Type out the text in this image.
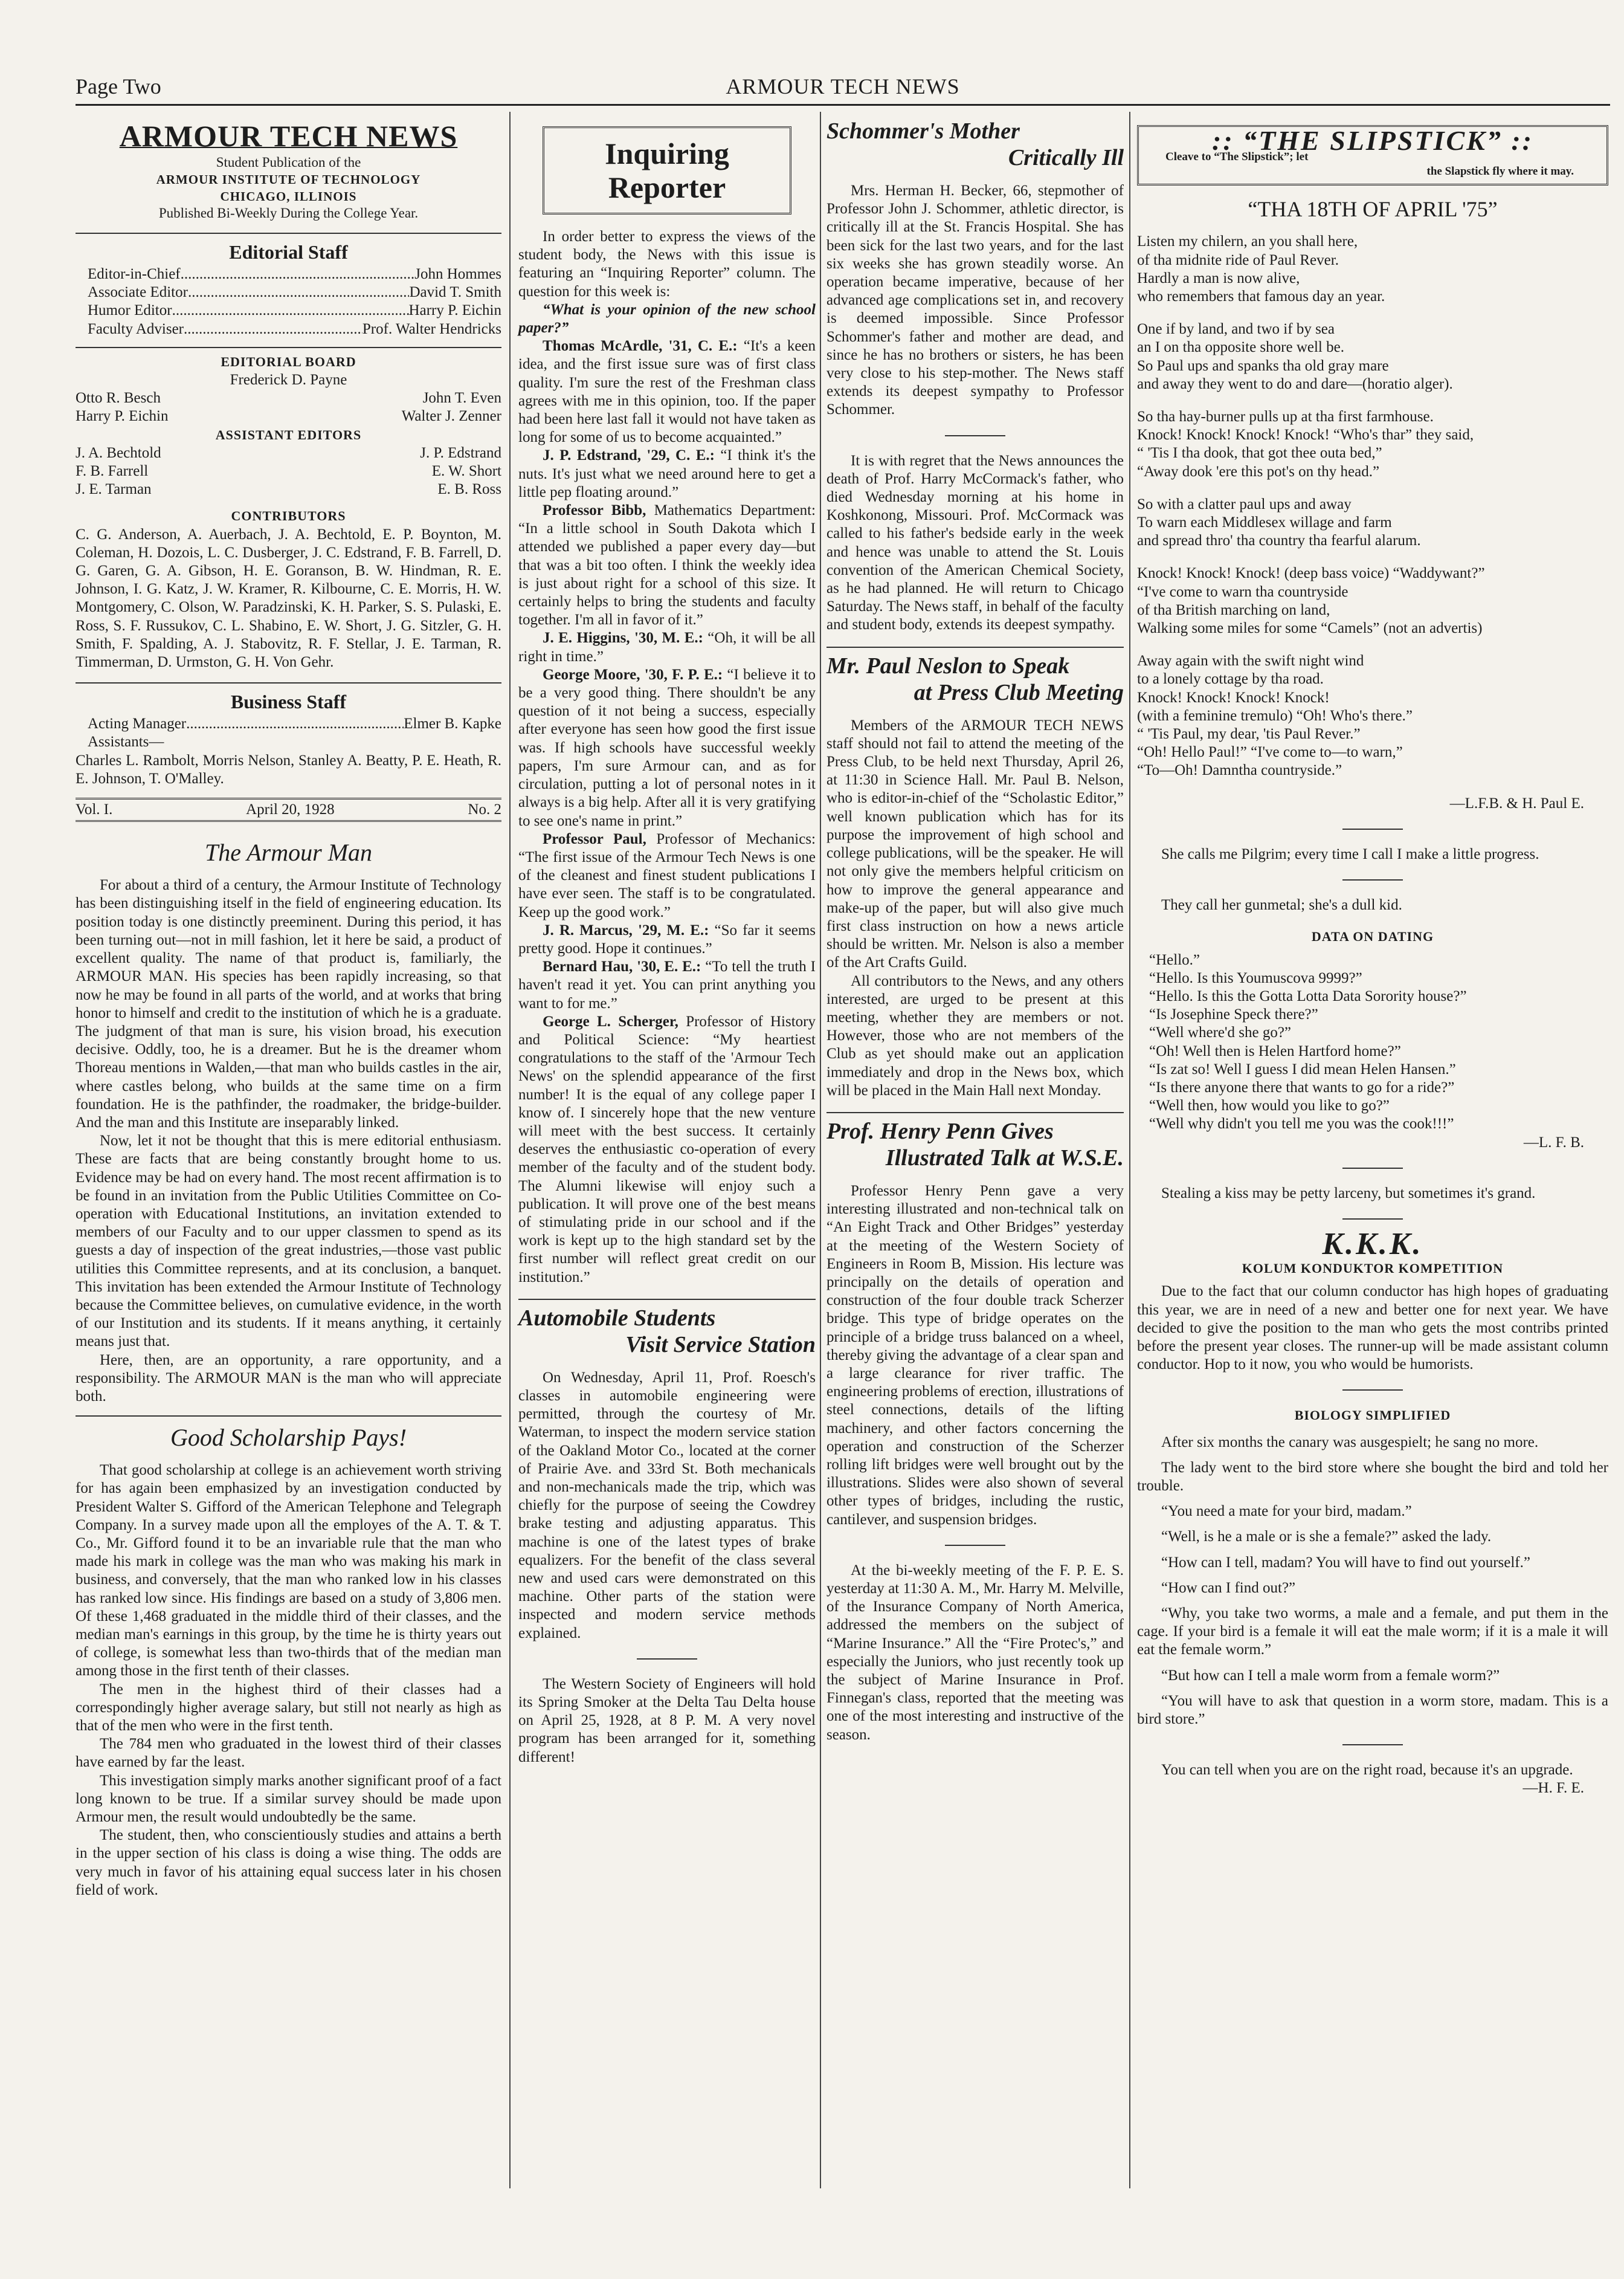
Page Two	ARMOUR TECH NEWS
ARMOUR TECH NEWS
Student Publication of the
ARMOUR INSTITUTE OF TECHNOLOGY
CHICAGO, ILLINOIS
Published Bi-Weekly During the College Year.
Editorial Staff
Editor-in-Chief .....	John Hommes
Associate Editor .....	David T. Smith
Humor Editor .....	Harry P. Eichin
Faculty Adviser .....	Prof. Walter Hendricks
EDITORIAL BOARD
Frederick D. Payne
Otto R. Besch	John T. Even
Harry P. Eichin	Walter J. Zenner
ASSISTANT EDITORS
J. A. Bechtold	J. P. Edstrand
F. B. Farrell	E. W. Short
J. E. Tarman	E. B. Ross
CONTRIBUTORS

C. G. Anderson, A. Auerbach, J. A. Bechtold, E. P. Boynton, M. Coleman, H. Dozois, L. C. Dusberger, J. C. Edstrand, F. B. Farrell, D. G. Garen, G. A. Gibson, H. E. Goranson, B. W. Hindman, R. E. Johnson, I. G. Katz, J. W. Kramer, R. Kilbourne, C. E. Morris, H. W. Montgomery, C. Olson, W. Paradzinski, K. H. Parker, S. S. Pulaski, E. Ross, S. F. Russukov, C. L. Shabino, E. W. Short, J. G. Sitzler, G. H. Smith, F. Spalding, A. J. Stabovitz, R. F. Stellar, J. E. Tarman, R. Timmerman, D. Urmston, G. H. Von Gehr.

Business Staff
Acting Manager .....	Elmer B. Kapke
Assistants—

Charles L. Rambolt, Morris Nelson, Stanley A. Beatty, P. E. Heath, R. E. Johnson, T. O'Malley.

Vol. I.	April 20, 1928	No. 2
The Armour Man

For about a third of a century, the Armour Institute of Technology has been distinguishing itself in the field of engineering education. Its position today is one distinctly preeminent. During this period, it has been turning out—not in mill fashion, let it here be said, a product of excellent quality. The name of that product is, familiarly, the ARMOUR MAN. His species has been rapidly increasing, so that now he may be found in all parts of the world, and at works that bring honor to himself and credit to the institution of which he is a graduate. The judgment of that man is sure, his vision broad, his execution decisive. Oddly, too, he is a dreamer. But he is the dreamer whom Thoreau mentions in Walden,—that man who builds castles in the air, where castles belong, who builds at the same time on a firm foundation. He is the pathfinder, the roadmaker, the bridge-builder. And the man and this Institute are inseparably linked.

Now, let it not be thought that this is mere editorial enthusiasm. These are facts that are being constantly brought home to us. Evidence may be had on every hand. The most recent affirmation is to be found in an invitation from the Public Utilities Committee on Co-operation with Educational Institutions, an invitation extended to members of our Faculty and to our upper classmen to spend as its guests a day of inspection of the great industries,—those vast public utilities this Committee represents, and at its conclusion, a banquet. This invitation has been extended the Armour Institute of Technology because the Committee believes, on cumulative evidence, in the worth of our Institution and its students. If it means anything, it certainly means just that.

Here, then, are an opportunity, a rare opportunity, and a responsibility. The ARMOUR MAN is the man who will appreciate both.

Good Scholarship Pays!

That good scholarship at college is an achievement worth striving for has again been emphasized by an investigation conducted by President Walter S. Gifford of the American Telephone and Telegraph Company. In a survey made upon all the employes of the A. T. & T. Co., Mr. Gifford found it to be an invariable rule that the man who made his mark in college was the man who was making his mark in business, and conversely, that the man who ranked low in his classes has ranked low since. His findings are based on a study of 3,806 men. Of these 1,468 graduated in the middle third of their classes, and the median man's earnings in this group, by the time he is thirty years out of college, is somewhat less than two-thirds that of the median man among those in the first tenth of their classes.

The men in the highest third of their classes had a correspondingly higher average salary, but still not nearly as high as that of the men who were in the first tenth.

The 784 men who graduated in the lowest third of their classes have earned by far the least.

This investigation simply marks another significant proof of a fact long known to be true. If a similar survey should be made upon Armour men, the result would undoubtedly be the same.

The student, then, who conscientiously studies and attains a berth in the upper section of his class is doing a wise thing. The odds are very much in favor of his attaining equal success later in his chosen field of work.

Inquiring
Reporter

In order better to express the views of the student body, the News with this issue is featuring an “Inquiring Reporter” column. The question for this week is:

“What is your opinion of the new school paper?”

Thomas McArdle, '31, C. E.: “It's a keen idea, and the first issue sure was of first class quality. I'm sure the rest of the Freshman class agrees with me in this opinion, too. If the paper had been here last fall it would not have taken as long for some of us to become acquainted.”

J. P. Edstrand, '29, C. E.: “I think it's the nuts. It's just what we need around here to get a little pep floating around.”

Professor Bibb, Mathematics Department: “In a little school in South Dakota which I attended we published a paper every day—but that was a bit too often. I think the weekly idea is just about right for a school of this size. It certainly helps to bring the students and faculty together. I'm all in favor of it.”

J. E. Higgins, '30, M. E.: “Oh, it will be all right in time.”

George Moore, '30, F. P. E.: “I believe it to be a very good thing. There shouldn't be any question of it not being a success, especially after everyone has seen how good the first issue was. If high schools have successful weekly papers, I'm sure Armour can, and as for circulation, putting a lot of personal notes in it always is a big help. After all it is very gratifying to see one's name in print.”

Professor Paul, Professor of Mechanics: “The first issue of the Armour Tech News is one of the cleanest and finest student publications I have ever seen. The staff is to be congratulated. Keep up the good work.”

J. R. Marcus, '29, M. E.: “So far it seems pretty good. Hope it continues.”

Bernard Hau, '30, E. E.: “To tell the truth I haven't read it yet. You can print anything you want to for me.”

George L. Scherger, Professor of History and Political Science: “My heartiest congratulations to the staff of the 'Armour Tech News' on the splendid appearance of the first number! It is the equal of any college paper I know of. I sincerely hope that the new venture will meet with the best success. It certainly deserves the enthusiastic co-operation of every member of the faculty and of the student body. The Alumni likewise will enjoy such a publication. It will prove one of the best means of stimulating pride in our school and if the work is kept up to the high standard set by the first number will reflect great credit on our institution.”

Automobile Students
Visit Service Station

On Wednesday, April 11, Prof. Roesch's classes in automobile engineering were permitted, through the courtesy of Mr. Waterman, to inspect the modern service station of the Oakland Motor Co., located at the corner of Prairie Ave. and 33rd St. Both mechanicals and non-mechanicals made the trip, which was chiefly for the purpose of seeing the Cowdrey brake testing and adjusting apparatus. This machine is one of the latest types of brake equalizers. For the benefit of the class several new and used cars were demonstrated on this machine. Other parts of the station were inspected and modern service methods explained.

The Western Society of Engineers will hold its Spring Smoker at the Delta Tau Delta house on April 25, 1928, at 8 P. M. A very novel program has been arranged for it, something different!

Schommer's Mother
Critically Ill

Mrs. Herman H. Becker, 66, stepmother of Professor John J. Schommer, athletic director, is critically ill at the St. Francis Hospital. She has been sick for the last two years, and for the last six weeks she has grown steadily worse. An operation became imperative, because of her advanced age complications set in, and recovery is deemed impossible. Since Professor Schommer's father and mother are dead, and since he has no brothers or sisters, he has been very close to his step-mother. The News staff extends its deepest sympathy to Professor Schommer.

It is with regret that the News announces the death of Prof. Harry McCormack's father, who died Wednesday morning at his home in Koshkonong, Missouri. Prof. McCormack was called to his father's bedside early in the week and hence was unable to attend the St. Louis convention of the American Chemical Society, as he had planned. He will return to Chicago Saturday. The News staff, in behalf of the faculty and student body, extends its deepest sympathy.

Mr. Paul Neslon to Speak
at Press Club Meeting

Members of the ARMOUR TECH NEWS staff should not fail to attend the meeting of the Press Club, to be held next Thursday, April 26, at 11:30 in Science Hall. Mr. Paul B. Nelson, who is editor-in-chief of the “Scholastic Editor,” well known publication which has for its purpose the improvement of high school and college publications, will be the speaker. He will not only give the members helpful criticism on how to improve the general appearance and make-up of the paper, but will also give much first class instruction on how a news article should be written. Mr. Nelson is also a member of the Art Crafts Guild.

All contributors to the News, and any others interested, are urged to be present at this meeting, whether they are members or not. However, those who are not members of the Club as yet should make out an application immediately and drop in the News box, which will be placed in the Main Hall next Monday.

Prof. Henry Penn Gives
Illustrated Talk at W.S.E.

Professor Henry Penn gave a very interesting illustrated and non-technical talk on “An Eight Track and Other Bridges” yesterday at the meeting of the Western Society of Engineers in Room B, Mission. His lecture was principally on the details of operation and construction of the four double track Scherzer bridge. This type of bridge operates on the principle of a bridge truss balanced on a wheel, thereby giving the advantage of a clear span and a large clearance for river traffic. The engineering problems of erection, illustrations of steel connections, details of the lifting machinery, and other factors concerning the operation and construction of the Scherzer rolling lift bridges were well brought out by the illustrations. Slides were also shown of several other types of bridges, including the rustic, cantilever, and suspension bridges.

At the bi-weekly meeting of the F. P. E. S. yesterday at 11:30 A. M., Mr. Harry M. Melville, of the Insurance Company of North America, addressed the members on the subject of “Marine Insurance.” All the “Fire Protec's,” and especially the Juniors, who just recently took up the subject of Marine Insurance in Prof. Finnegan's class, reported that the meeting was one of the most interesting and instructive of the season.

:: “THE SLIPSTICK” ::
Cleave to “The Slipstick”; let
the Slapstick fly where it may.
“THA 18TH OF APRIL '75”
Listen my chilern, an you shall here,
of tha midnite ride of Paul Rever.
Hardly a man is now alive,
who remembers that famous day an year.
One if by land, and two if by sea
an I on tha opposite shore well be.
So Paul ups and spanks tha old gray mare
and away they went to do and dare—(horatio alger).
So tha hay-burner pulls up at tha first farmhouse.
Knock! Knock! Knock! Knock! “Who's thar” they said,
“ 'Tis I tha dook, that got thee outa bed,”
“Away dook 'ere this pot's on thy head.”
So with a clatter paul ups and away
To warn each Middlesex willage and farm
and spread thro' tha country tha fearful alarum.
Knock! Knock! Knock! (deep bass voice) “Waddywant?”
“I've come to warn tha countryside
of tha British marching on land,
Walking some miles for some “Camels” (not an advertis)
Away again with the swift night wind
to a lonely cottage by tha road.
Knock! Knock! Knock! Knock!
(with a feminine tremulo) “Oh! Who's there.”
“ 'Tis Paul, my dear, 'tis Paul Rever.”
“Oh! Hello Paul!” “I've come to—to warn,”
“To—Oh! Damntha countryside.”
—L.F.B. & H. Paul E.

She calls me Pilgrim; every time I call I make a little progress.

They call her gunmetal; she's a dull kid.

DATA ON DATING
“Hello.”
“Hello. Is this Youmuscova 9999?”
“Hello. Is this the Gotta Lotta Data Sorority house?”
“Is Josephine Speck there?”
“Well where'd she go?”
“Oh! Well then is Helen Hartford home?”
“Is zat so! Well I guess I did mean Helen Hansen.”
“Is there anyone there that wants to go for a ride?”
“Well then, how would you like to go?”
“Well why didn't you tell me you was the cook!!!”
—L. F. B.

Stealing a kiss may be petty larceny, but sometimes it's grand.

K.K.K.
KOLUM KONDUKTOR KOMPETITION

Due to the fact that our column conductor has high hopes of graduating this year, we are in need of a new and better one for next year. We have decided to give the position to the man who gets the most contribs printed before the present year closes. The runner-up will be made assistant column conductor. Hop to it now, you who would be humorists.

BIOLOGY SIMPLIFIED

After six months the canary was ausgespielt; he sang no more.

The lady went to the bird store where she bought the bird and told her trouble.

“You need a mate for your bird, madam.”

“Well, is he a male or is she a female?” asked the lady.

“How can I tell, madam? You will have to find out yourself.”

“How can I find out?”

“Why, you take two worms, a male and a female, and put them in the cage. If your bird is a female it will eat the male worm; if it is a male it will eat the female worm.”

“But how can I tell a male worm from a female worm?”

“You will have to ask that question in a worm store, madam. This is a bird store.”

You can tell when you are on the right road, because it's an upgrade.

—H. F. E.
